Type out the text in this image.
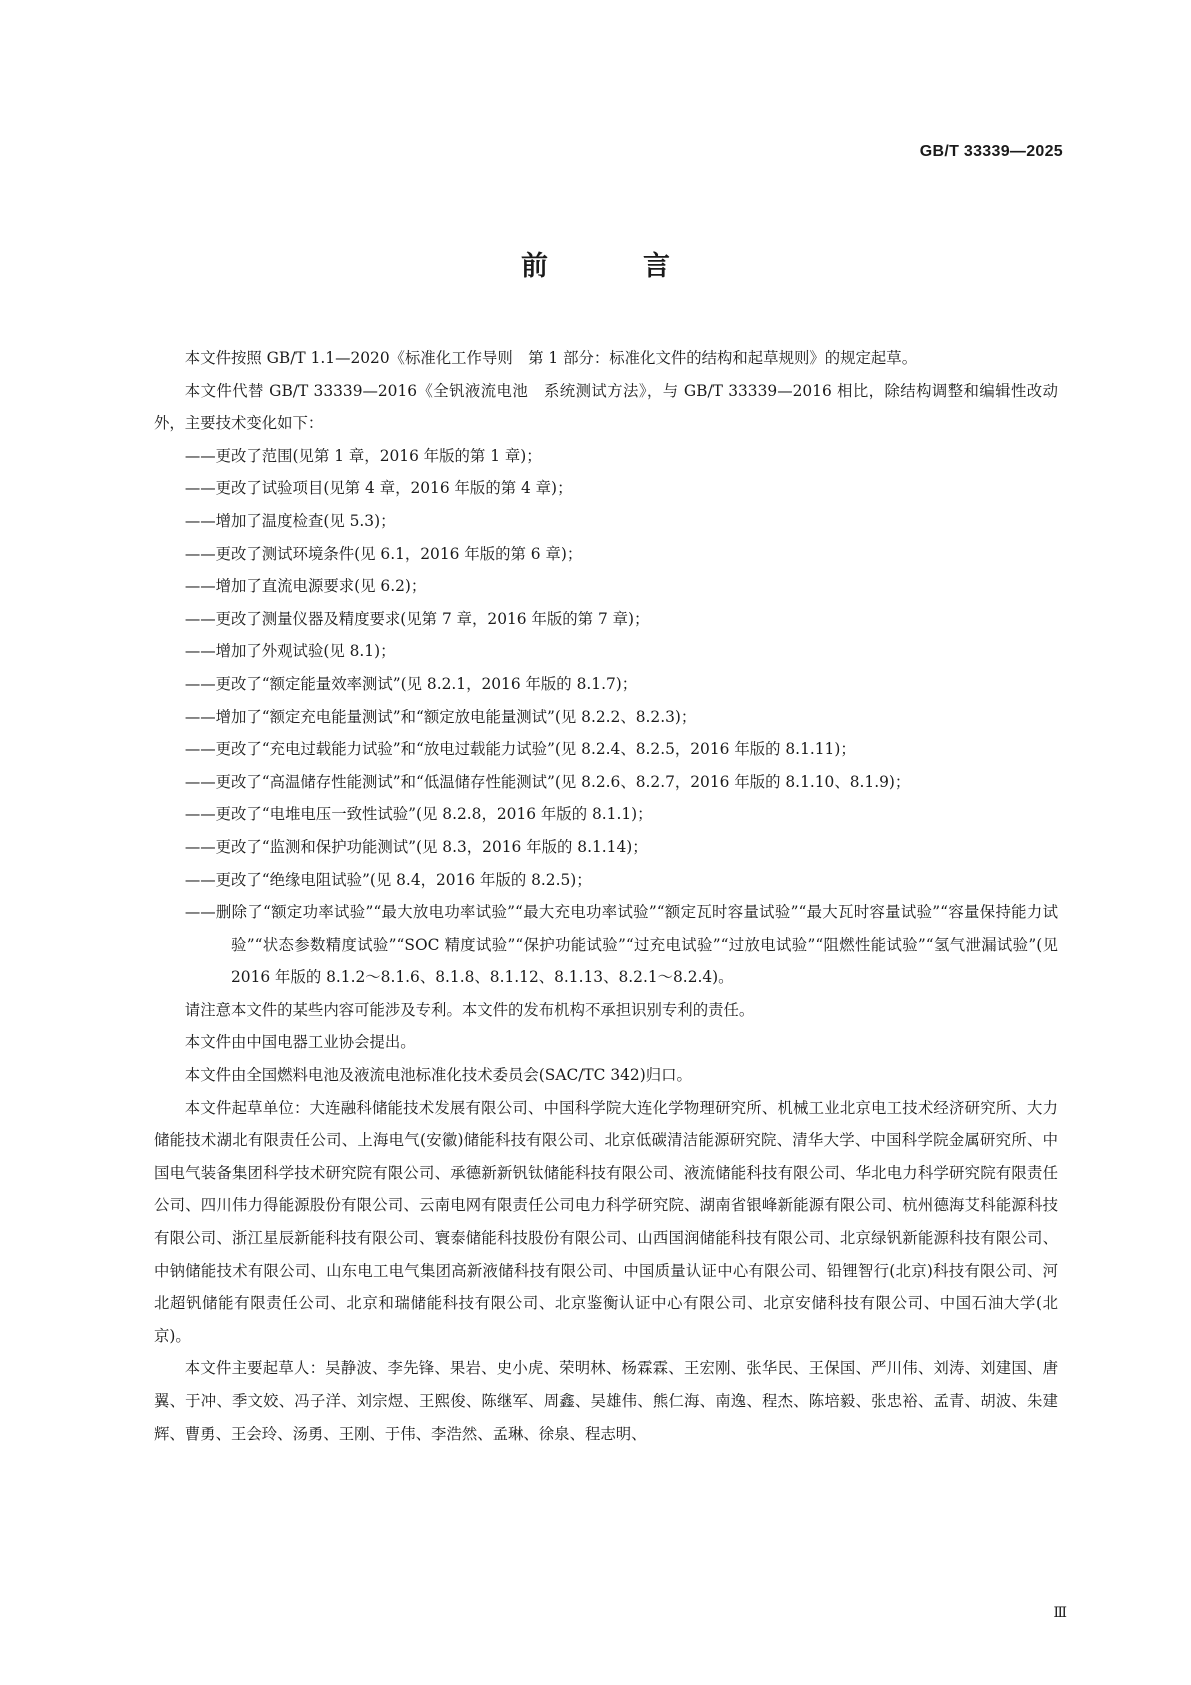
GB/T 33339—2025
前　言

本文件按照 GB/T 1.1—2020《标准化工作导则　第 1 部分：标准化文件的结构和起草规则》的规定起草。

本文件代替 GB/T 33339—2016《全钒液流电池　系统测试方法》，与 GB/T 33339—2016 相比，除结构调整和编辑性改动外，主要技术变化如下：

——更改了范围(见第 1 章，2016 年版的第 1 章)；

——更改了试验项目(见第 4 章，2016 年版的第 4 章)；

——增加了温度检查(见 5.3)；

——更改了测试环境条件(见 6.1，2016 年版的第 6 章)；

——增加了直流电源要求(见 6.2)；

——更改了测量仪器及精度要求(见第 7 章，2016 年版的第 7 章)；

——增加了外观试验(见 8.1)；

——更改了“额定能量效率测试”(见 8.2.1，2016 年版的 8.1.7)；

——增加了“额定充电能量测试”和“额定放电能量测试”(见 8.2.2、8.2.3)；

——更改了“充电过载能力试验”和“放电过载能力试验”(见 8.2.4、8.2.5，2016 年版的 8.1.11)；

——更改了“高温储存性能测试”和“低温储存性能测试”(见 8.2.6、8.2.7，2016 年版的 8.1.10、8.1.9)；

——更改了“电堆电压一致性试验”(见 8.2.8，2016 年版的 8.1.1)；

——更改了“监测和保护功能测试”(见 8.3，2016 年版的 8.1.14)；

——更改了“绝缘电阻试验”(见 8.4，2016 年版的 8.2.5)；

——删除了“额定功率试验”“最大放电功率试验”“最大充电功率试验”“额定瓦时容量试验”“最大瓦时容量试验”“容量保持能力试验”“状态参数精度试验”“SOC 精度试验”“保护功能试验”“过充电试验”“过放电试验”“阻燃性能试验”“氢气泄漏试验”(见 2016 年版的 8.1.2～8.1.6、8.1.8、8.1.12、8.1.13、8.2.1～8.2.4)。

请注意本文件的某些内容可能涉及专利。本文件的发布机构不承担识别专利的责任。

本文件由中国电器工业协会提出。

本文件由全国燃料电池及液流电池标准化技术委员会(SAC/TC 342)归口。

本文件起草单位：大连融科储能技术发展有限公司、中国科学院大连化学物理研究所、机械工业北京电工技术经济研究所、大力储能技术湖北有限责任公司、上海电气(安徽)储能科技有限公司、北京低碳清洁能源研究院、清华大学、中国科学院金属研究所、中国电气装备集团科学技术研究院有限公司、承德新新钒钛储能科技有限公司、液流储能科技有限公司、华北电力科学研究院有限责任公司、四川伟力得能源股份有限公司、云南电网有限责任公司电力科学研究院、湖南省银峰新能源有限公司、杭州德海艾科能源科技有限公司、浙江星辰新能科技有限公司、寰泰储能科技股份有限公司、山西国润储能科技有限公司、北京绿钒新能源科技有限公司、中钠储能技术有限公司、山东电工电气集团高新液储科技有限公司、中国质量认证中心有限公司、铅锂智行(北京)科技有限公司、河北超钒储能有限责任公司、北京和瑞储能科技有限公司、北京鉴衡认证中心有限公司、北京安储科技有限公司、中国石油大学(北京)。

本文件主要起草人：吴静波、李先锋、果岩、史小虎、荣明林、杨霖霖、王宏刚、张华民、王保国、严川伟、刘涛、刘建国、唐翼、于冲、季文姣、冯子洋、刘宗煜、王熙俊、陈继军、周鑫、吴雄伟、熊仁海、南逸、程杰、陈培毅、张忠裕、孟青、胡波、朱建辉、曹勇、王会玲、汤勇、王刚、于伟、李浩然、孟琳、徐泉、程志明、

Ⅲ
